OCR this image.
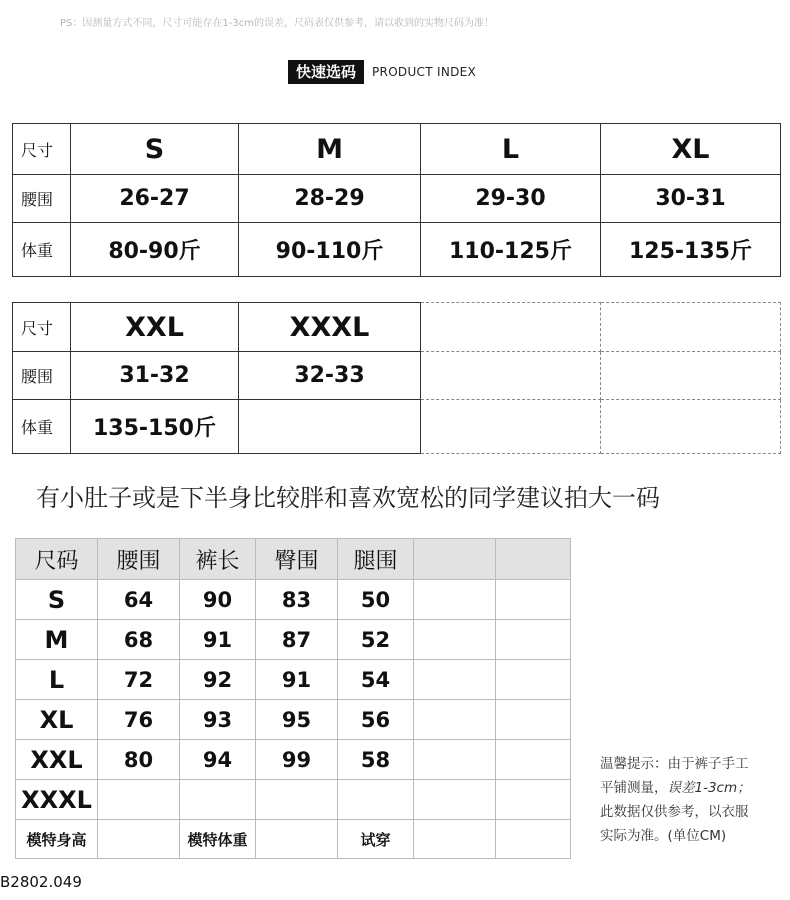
PS：因测量方式不同，尺寸可能存在1-3cm的误差，尺码表仅供参考，请以收到的实物尺码为准！
快速选码	PRODUCT INDEX
尺寸	S	M	L	XL
腰围	26-27	28-29	29-30	30-31
体重	80-90斤	90-110斤	110-125斤	125-135斤
尺寸	XXL	XXXL		
腰围	31-32	32-33		
体重	135-150斤			
有小肚子或是下半身比较胖和喜欢宽松的同学建议拍大一码
尺码	腰围	裤长	臀围	腿围		
S	64	90	83	50		
M	68	91	87	52		
L	72	92	91	54		
XL	76	93	95	56		
XXL	80	94	99	58		
XXXL						
模特身高		模特体重		试穿		
温馨提示：由于裤子手工
平铺测量，误差1-3cm；
此数据仅供参考，以衣服
实际为准。(单位CM)
B2802.049
